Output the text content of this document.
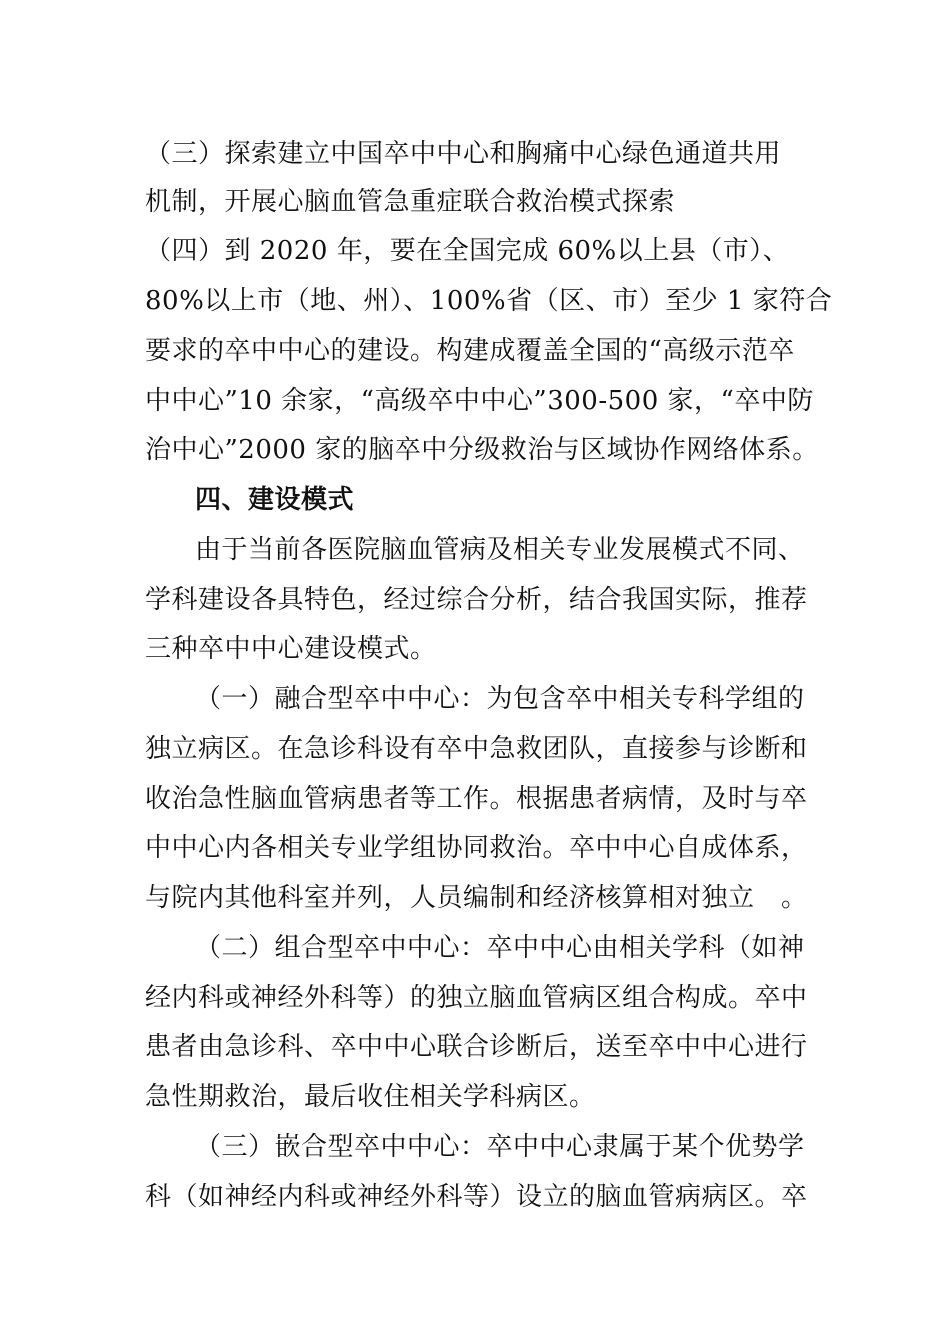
（三）探索建立中国卒中中心和胸痛中心绿色通道共用
机制，开展心脑血管急重症联合救治模式探索
（四）到 2020 年，要在全国完成 60%以上县（市）、
80%以上市（地、州）、100%省（区、市）至少 1 家符合
要求的卒中中心的建设。构建成覆盖全国的“高级示范卒
中中心”10 余家，“高级卒中中心”300-500 家，“卒中防
治中心”2000 家的脑卒中分级救治与区域协作网络体系。
四、建设模式
由于当前各医院脑血管病及相关专业发展模式不同、
学科建设各具特色，经过综合分析，结合我国实际，推荐
三种卒中中心建设模式。
（一）融合型卒中中心：为包含卒中相关专科学组的
独立病区。在急诊科设有卒中急救团队，直接参与诊断和
收治急性脑血管病患者等工作。根据患者病情，及时与卒
中中心内各相关专业学组协同救治。卒中中心自成体系，
与院内其他科室并列，人员编制和经济核算相对独立　。
（二）组合型卒中中心：卒中中心由相关学科（如神
经内科或神经外科等）的独立脑血管病区组合构成。卒中
患者由急诊科、卒中中心联合诊断后，送至卒中中心进行
急性期救治，最后收住相关学科病区。
（三）嵌合型卒中中心：卒中中心隶属于某个优势学
科（如神经内科或神经外科等）设立的脑血管病病区。卒
